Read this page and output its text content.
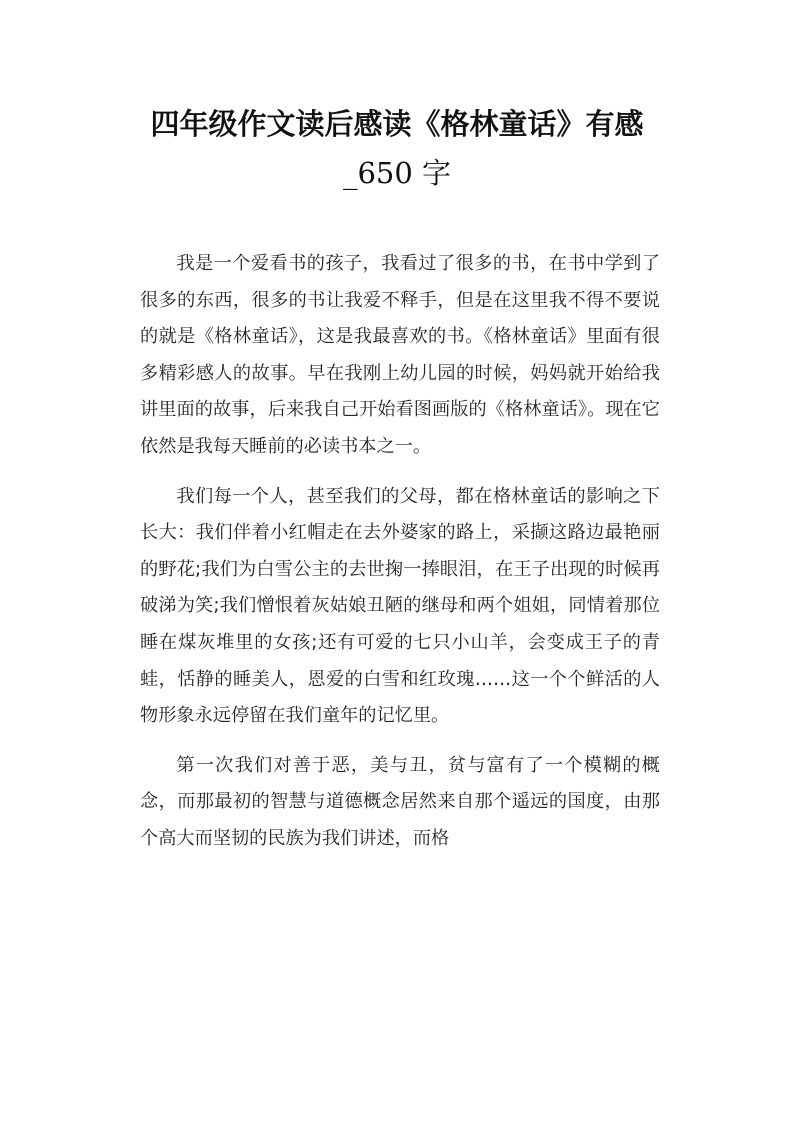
四年级作文读后感读《格林童话》有感
_650 字

我是一个爱看书的孩子，我看过了很多的书，在书中学到了很多的东西，很多的书让我爱不释手，但是在这里我不得不要说的就是《格林童话》，这是我最喜欢的书。《格林童话》里面有很多精彩感人的故事。早在我刚上幼儿园的时候，妈妈就开始给我讲里面的故事，后来我自己开始看图画版的《格林童话》。现在它依然是我每天睡前的必读书本之一。

我们每一个人，甚至我们的父母，都在格林童话的影响之下长大：我们伴着小红帽走在去外婆家的路上，采撷这路边最艳丽的野花;我们为白雪公主的去世掬一捧眼泪，在王子出现的时候再破涕为笑;我们憎恨着灰姑娘丑陋的继母和两个姐姐，同情着那位睡在煤灰堆里的女孩;还有可爱的七只小山羊，会变成王子的青蛙，恬静的睡美人，恩爱的白雪和红玫瑰……这一个个鲜活的人物形象永远停留在我们童年的记忆里。

第一次我们对善于恶，美与丑，贫与富有了一个模糊的概念，而那最初的智慧与道德概念居然来自那个遥远的国度，由那个高大而坚韧的民族为我们讲述，而格
